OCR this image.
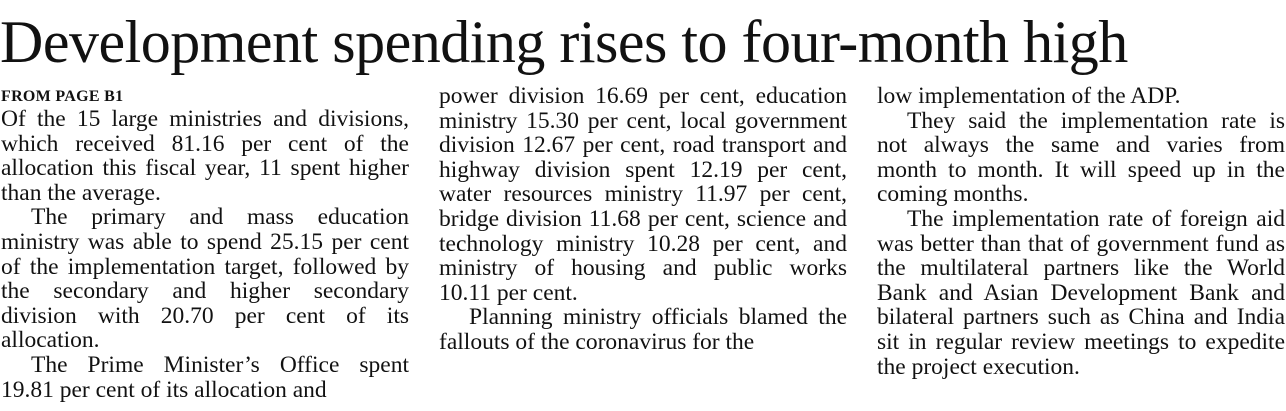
Development spending rises to four-month high
FROM PAGE B1

Of the 15 large ministries and divisions, which received 81.16 per cent of the allocation this fiscal year, 11 spent higher than the average.

The primary and mass education ministry was able to spend 25.15 per cent of the implementation target, followed by the secondary and higher secondary division with 20.70 per cent of its allocation.

The Prime Minister’s Office spent 19.81 per cent of its allocation and

power division 16.69 per cent, education ministry 15.30 per cent, local government division 12.67 per cent, road transport and highway division spent 12.19 per cent, water resources ministry 11.97 per cent, bridge division 11.68 per cent, science and technology ministry 10.28 per cent, and ministry of housing and public works 10.11 per cent.

Planning ministry officials blamed the fallouts of the coronavirus for the

low implementation of the ADP.

They said the implementation rate is not always the same and varies from month to month. It will speed up in the coming months.

The implementation rate of foreign aid was better than that of government fund as the multilateral partners like the World Bank and Asian Development Bank and bilateral partners such as China and India sit in regular review meetings to expedite the project execution.
